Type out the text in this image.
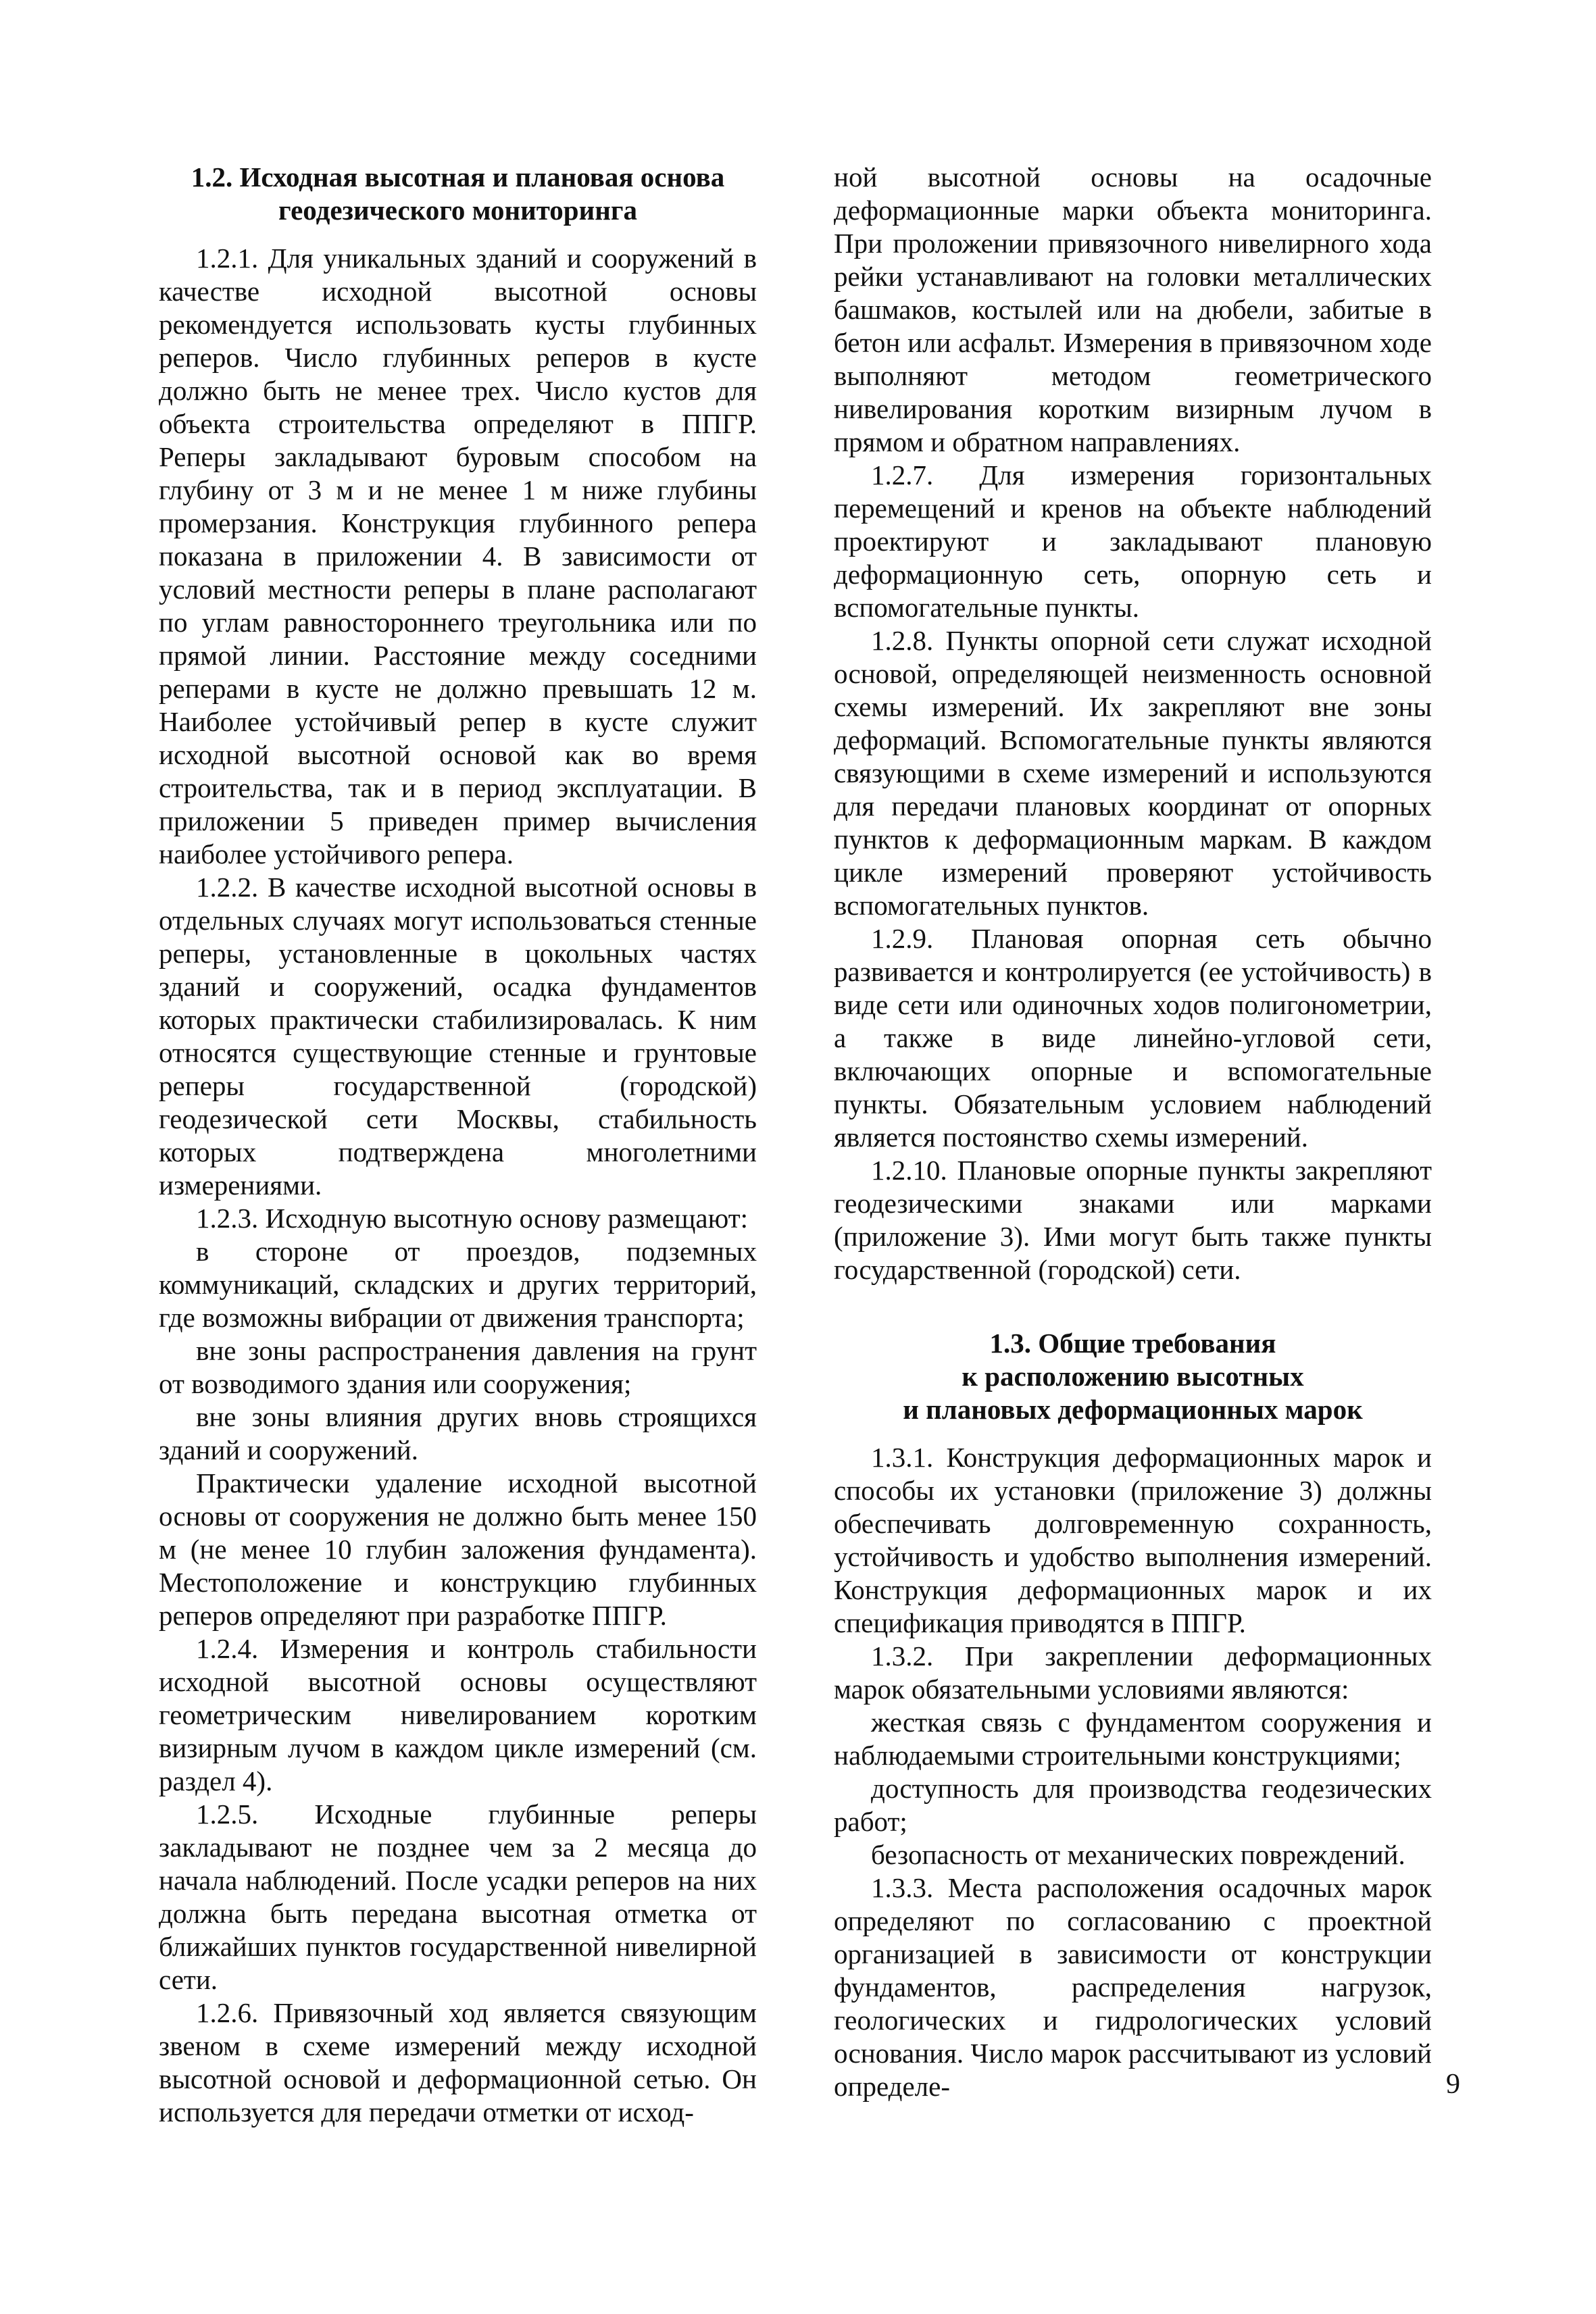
1.2. Исходная высотная и плановая основа
геодезического мониторинга

1.2.1. Для уникальных зданий и сооружений в качестве исходной высотной основы рекомендуется использовать кусты глубинных реперов. Число глубинных реперов в кусте должно быть не менее трех. Число кустов для объекта строительства определяют в ППГР. Реперы закладывают буровым способом на глубину от 3 м и не менее 1 м ниже глубины промерзания. Конструкция глубинного репера показана в приложении 4. В зависимости от условий местности реперы в плане располагают по углам равностороннего треугольника или по прямой линии. Расстояние между соседними реперами в кусте не должно превышать 12 м. Наиболее устойчивый репер в кусте служит исходной высотной основой как во время строительства, так и в период эксплуатации. В приложении 5 приведен пример вычисления наиболее устойчивого репера.

1.2.2. В качестве исходной высотной основы в отдельных случаях могут использоваться стенные реперы, установленные в цокольных частях зданий и сооружений, осадка фундаментов которых практически стабилизировалась. К ним относятся существующие стенные и грунтовые реперы государственной (городской) геодезической сети Москвы, стабильность которых подтверждена многолетними измерениями.

1.2.3. Исходную высотную основу размещают:

в стороне от проездов, подземных коммуникаций, складских и других территорий, где возможны вибрации от движения транспорта;

вне зоны распространения давления на грунт от возводимого здания или сооружения;

вне зоны влияния других вновь строящихся зданий и сооружений.

Практически удаление исходной высотной основы от сооружения не должно быть менее 150 м (не менее 10 глубин заложения фундамента). Местоположение и конструкцию глубинных реперов определяют при разработке ППГР.

1.2.4. Измерения и контроль стабильности исходной высотной основы осуществляют геометрическим нивелированием коротким визирным лучом в каждом цикле измерений (см. раздел 4).

1.2.5. Исходные глубинные реперы закладывают не позднее чем за 2 месяца до начала наблюдений. После усадки реперов на них должна быть передана высотная отметка от ближайших пунктов государственной нивелирной сети.

1.2.6. Привязочный ход является связующим звеном в схеме измерений между исходной высотной основой и деформационной сетью. Он используется для передачи отметки от исход-

ной высотной основы на осадочные деформационные марки объекта мониторинга. При проложении привязочного нивелирного хода рейки устанавливают на головки металлических башмаков, костылей или на дюбели, забитые в бетон или асфальт. Измерения в привязочном ходе выполняют методом геометрического нивелирования коротким визирным лучом в прямом и обратном направлениях.

1.2.7. Для измерения горизонтальных перемещений и кренов на объекте наблюдений проектируют и закладывают плановую деформационную сеть, опорную сеть и вспомогательные пункты.

1.2.8. Пункты опорной сети служат исходной основой, определяющей неизменность основной схемы измерений. Их закрепляют вне зоны деформаций. Вспомогательные пункты являются связующими в схеме измерений и используются для передачи плановых координат от опорных пунктов к деформационным маркам. В каждом цикле измерений проверяют устойчивость вспомогательных пунктов.

1.2.9. Плановая опорная сеть обычно развивается и контролируется (ее устойчивость) в виде сети или одиночных ходов полигонометрии, а также в виде линейно-угловой сети, включающих опорные и вспомогательные пункты. Обязательным условием наблюдений является постоянство схемы измерений.

1.2.10. Плановые опорные пункты закрепляют геодезическими знаками или марками (приложение 3). Ими могут быть также пункты государственной (городской) сети.

1.3. Общие требования
к расположению высотных
и плановых деформационных марок

1.3.1. Конструкция деформационных марок и способы их установки (приложение 3) должны обеспечивать долговременную сохранность, устойчивость и удобство выполнения измерений. Конструкция деформационных марок и их спецификация приводятся в ППГР.

1.3.2. При закреплении деформационных марок обязательными условиями являются:

жесткая связь с фундаментом сооружения и наблюдаемыми строительными конструкциями;

доступность для производства геодезических работ;

безопасность от механических повреждений.

1.3.3. Места расположения осадочных марок определяют по согласованию с проектной организацией в зависимости от конструкции фундаментов, распределения нагрузок, геологических и гидрологических условий основания. Число марок рассчитывают из условий определе-	9
